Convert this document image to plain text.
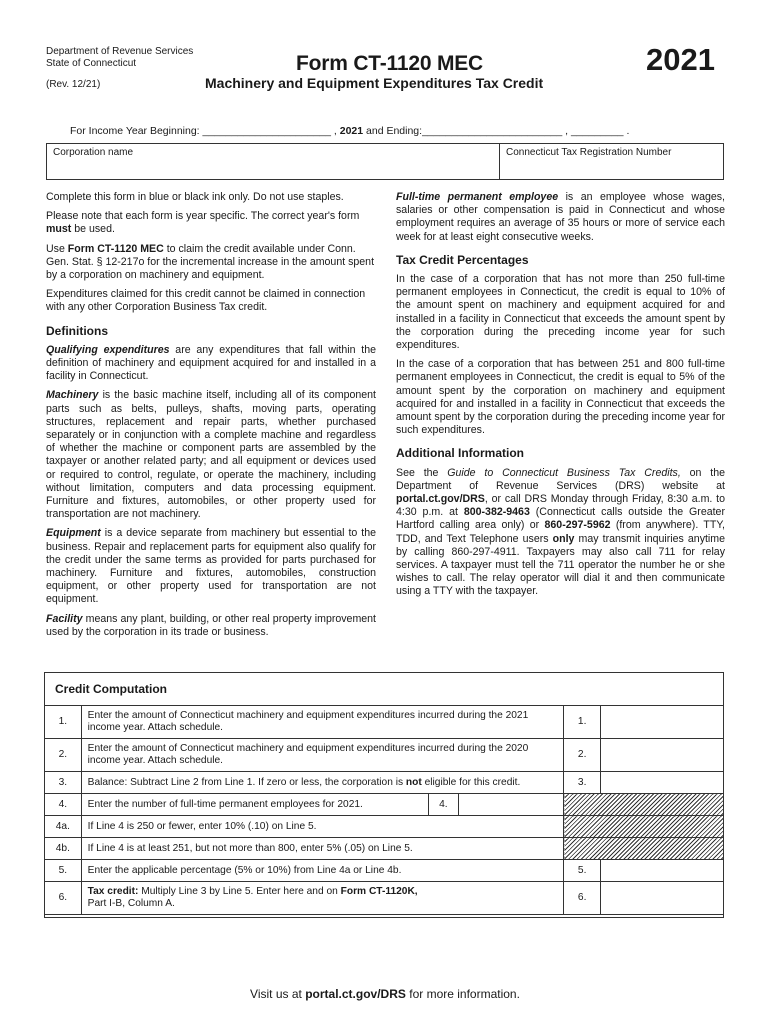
Department of Revenue Services
State of Connecticut
(Rev. 12/21)
Form CT-1120 MEC
Machinery and Equipment Expenditures Tax Credit
2021
For Income Year Beginning: ______________________ , 2021 and Ending:________________________ , _________ .
Corporation name	Connecticut Tax Registration Number

Complete this form in blue or black ink only. Do not use staples.

Please note that each form is year specific. The correct year's form must be used.

Use Form CT-1120 MEC to claim the credit available under Conn. Gen. Stat. § 12-217o for the incremental increase in the amount spent by a corporation on machinery and equipment.

Expenditures claimed for this credit cannot be claimed in connection with any other Corporation Business Tax credit.

Definitions

Qualifying expenditures are any expenditures that fall within the definition of machinery and equipment acquired for and installed in a facility in Connecticut.

Machinery is the basic machine itself, including all of its component parts such as belts, pulleys, shafts, moving parts, operating structures, replacement and repair parts, whether purchased separately or in conjunction with a complete machine and regardless of whether the machine or component parts are assembled by the taxpayer or another related party; and all equipment or devices used or required to control, regulate, or operate the machinery, including without limitation, computers and data processing equipment. Furniture and fixtures, automobiles, or other property used for transportation are not machinery.

Equipment is a device separate from machinery but essential to the business. Repair and replacement parts for equipment also qualify for the credit under the same terms as provided for parts purchased for machinery. Furniture and fixtures, automobiles, construction equipment, or other property used for transportation are not equipment.

Facility means any plant, building, or other real property improvement used by the corporation in its trade or business.

Full-time permanent employee is an employee whose wages, salaries or other compensation is paid in Connecticut and whose employment requires an average of 35 hours or more of service each week for at least eight consecutive weeks.

Tax Credit Percentages

In the case of a corporation that has not more than 250 full-time permanent employees in Connecticut, the credit is equal to 10% of the amount spent on machinery and equipment acquired for and installed in a facility in Connecticut that exceeds the amount spent by the corporation during the preceding income year for such expenditures.

In the case of a corporation that has between 251 and 800 full-time permanent employees in Connecticut, the credit is equal to 5% of the amount spent by the corporation on machinery and equipment acquired for and installed in a facility in Connecticut that exceeds the amount spent by the corporation during the preceding income year for such expenditures.

Additional Information

See the Guide to Connecticut Business Tax Credits, on the Department of Revenue Services (DRS) website at portal.ct.gov/DRS, or call DRS Monday through Friday, 8:30 a.m. to 4:30 p.m. at 800-382-9463 (Connecticut calls outside the Greater Hartford calling area only) or 860-297-5962 (from anywhere). TTY, TDD, and Text Telephone users only may transmit inquiries anytime by calling 860-297-4911. Taxpayers may also call 711 for relay services. A taxpayer must tell the 711 operator the number he or she wishes to call. The relay operator will dial it and then communicate using a TTY with the taxpayer.

Credit Computation
1.	Enter the amount of Connecticut machinery and equipment expenditures incurred during the 2021 income year. Attach schedule.			1.	
2.	Enter the amount of Connecticut machinery and equipment expenditures incurred during the 2020 income year. Attach schedule.			2.	
3.	Balance: Subtract Line 2 from Line 1. If zero or less, the corporation is not eligible for this credit.			3.	
4.	Enter the number of full-time permanent employees for 2021.	4.			
4a.	If Line 4 is 250 or fewer, enter 10% (.10) on Line 5.				
4b.	If Line 4 is at least 251, but not more than 800, enter 5% (.05) on Line 5.				
5.	Enter the applicable percentage (5% or 10%) from Line 4a or Line 4b.			5.	
6.	Tax credit: Multiply Line 3 by Line 5. Enter here and on Form CT-1120K,
Part I-B, Column A.			6.	
Visit us at portal.ct.gov/DRS for more information.
